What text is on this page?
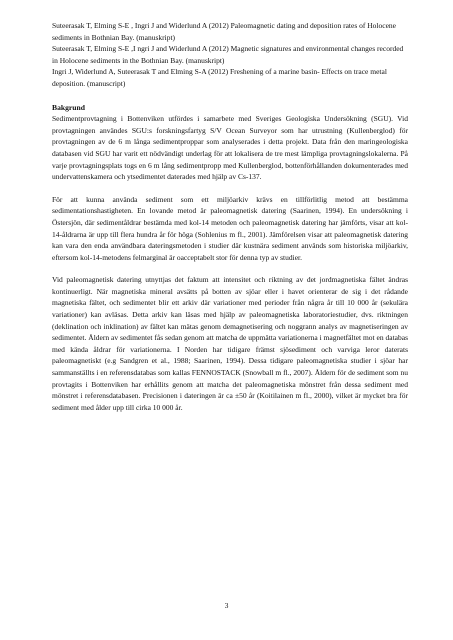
Suteerasak T, Elming S-E , Ingri J and Widerlund A (2012) Paleomagnetic dating and deposition rates of Holocene sediments in Bothnian Bay. (manuskript)

Suteerasak T, Elming S-E ,I ngri J and Widerlund A (2012) Magnetic signatures and environmental changes recorded in Holocene sediments in the Bothnian Bay. (manuskript)

Ingri J, Widerlund A, Suteerasak T and Elming S-A (2012) Freshening of a marine basin- Effects on trace metal deposition. (manuscript)

Bakgrund

Sedimentprovtagning i Bottenviken utfördes i samarbete med Sveriges Geologiska Undersökning (SGU). Vid provtagningen användes SGU:s forskningsfartyg S/V Ocean Surveyor som har utrustning (Kullenberglod) för provtagningen av de 6 m långa sedimentproppar som analyserades i detta projekt. Data från den maringeologiska databasen vid SGU har varit ett nödvändigt underlag för att lokalisera de tre mest lämpliga provtagningslokalerna. På varje provtagningsplats togs en 6 m lång sedimentpropp med Kullenberglod, bottenförhållanden dokumenterades med undervattenskamera och ytsedimentet daterades med hjälp av Cs-137.

För att kunna använda sediment som ett miljöarkiv krävs en tillförlitlig metod att bestämma sedimentationshastigheten. En lovande metod är paleomagnetisk datering (Saarinen, 1994). En undersökning i Östersjön, där sedimentåldrar bestämda med kol-14 metoden och paleomagnetisk datering har jämförts, visar att kol-14-åldrarna är upp till flera hundra år för höga (Sohlenius m fl., 2001). Jämförelsen visar att paleomagnetisk datering kan vara den enda användbara dateringsmetoden i studier där kustnära sediment används som historiska miljöarkiv, eftersom kol-14-metodens felmarginal är oacceptabelt stor för denna typ av studier.

Vid paleomagnetisk datering utnyttjas det faktum att intensitet och riktning av det jordmagnetiska fältet ändras kontinuerligt. När magnetiska mineral avsätts på botten av sjöar eller i havet orienterar de sig i det rådande magnetiska fältet, och sedimentet blir ett arkiv där variationer med perioder från några år till 10 000 år (sekulära variationer) kan avläsas. Detta arkiv kan läsas med hjälp av paleomagnetiska laboratoriestudier, dvs. riktningen (deklination och inklination) av fältet kan mätas genom demagnetisering och noggrann analys av magnetiseringen av sedimentet. Åldern av sedimentet fås sedan genom att matcha de uppmätta variationerna i magnetfältet mot en databas med kända åldrar för variationerna. I Norden har tidigare främst sjösediment och varviga leror daterats paleomagnetiskt (e.g Sandgren et al., 1988; Saarinen, 1994). Dessa tidigare paleomagnetiska studier i sjöar har sammanställts i en referensdatabas som kallas FENNOSTACK (Snowball m fl., 2007). Åldern för de sediment som nu provtagits i Bottenviken har erhållits genom att matcha det paleomagnetiska mönstret från dessa sediment med mönstret i referensdatabasen. Precisionen i dateringen är ca ±50 år (Koitilainen m fl., 2000), vilket är mycket bra för sediment med ålder upp till cirka 10 000 år.

3
